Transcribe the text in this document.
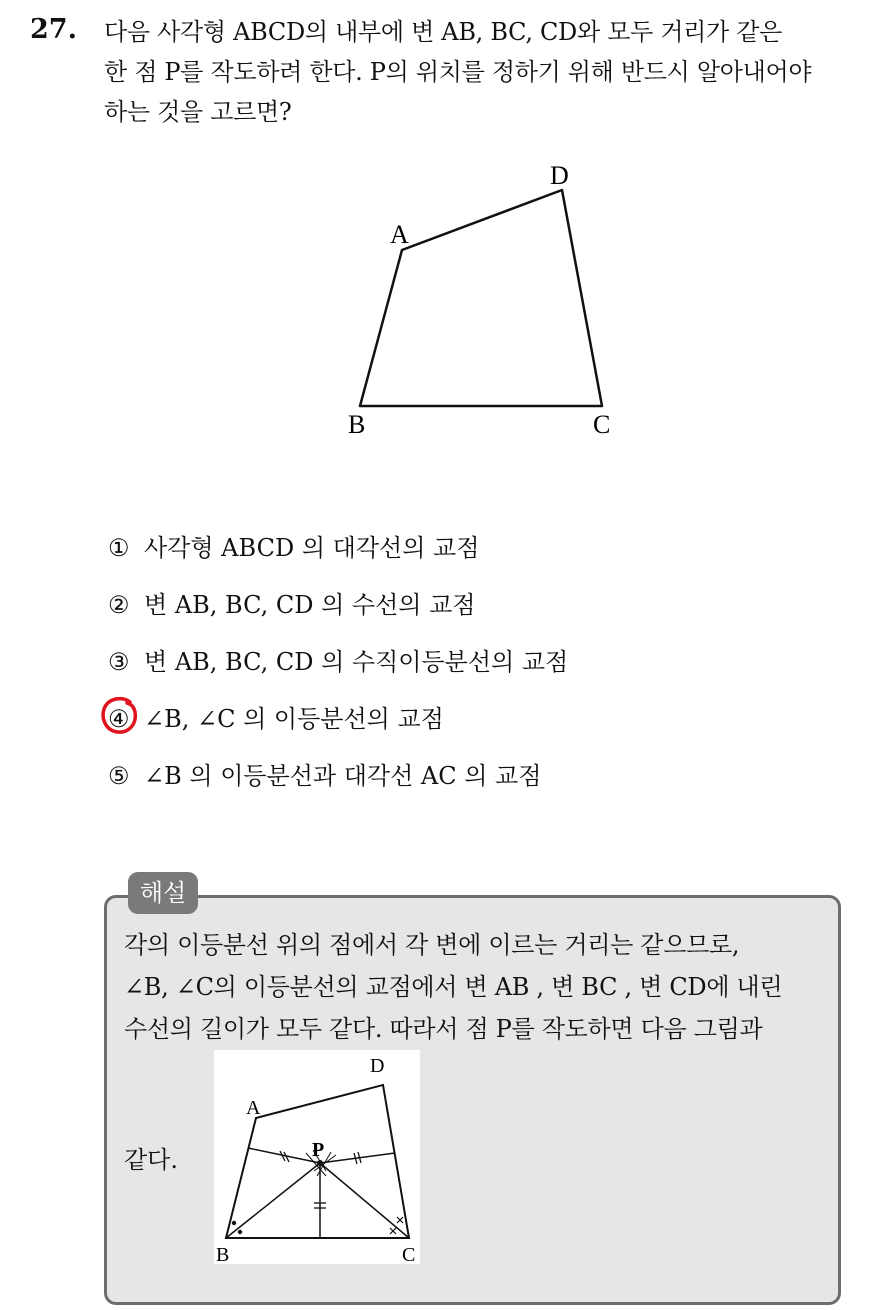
27. 다음 사각형 ABCD의 내부에 변 AB, BC, CD와 모두 거리가 같은
한 점 P를 작도하려 한다. P의 위치를 정하기 위해 반드시 알아내어야
하는 것을 고르면?
A
D
B	C
① 사각형 ABCD 의 대각선의 교점
② 변 AB, BC, CD 의 수선의 교점
③ 변 AB, BC, CD 의 수직이등분선의 교점
④ ∠B, ∠C 의 이등분선의 교점
⑤ ∠B 의 이등분선과 대각선 AC 의 교점
해설
각의 이등분선 위의 점에서 각 변에 이르는 거리는 같으므로,
∠B, ∠C의 이등분선의 교점에서 변 AB , 변 BC , 변 CD에 내린
수선의 길이가 모두 같다. 따라서 점 P를 작도하면 다음 그림과
같다.
A
D
P
B	C
